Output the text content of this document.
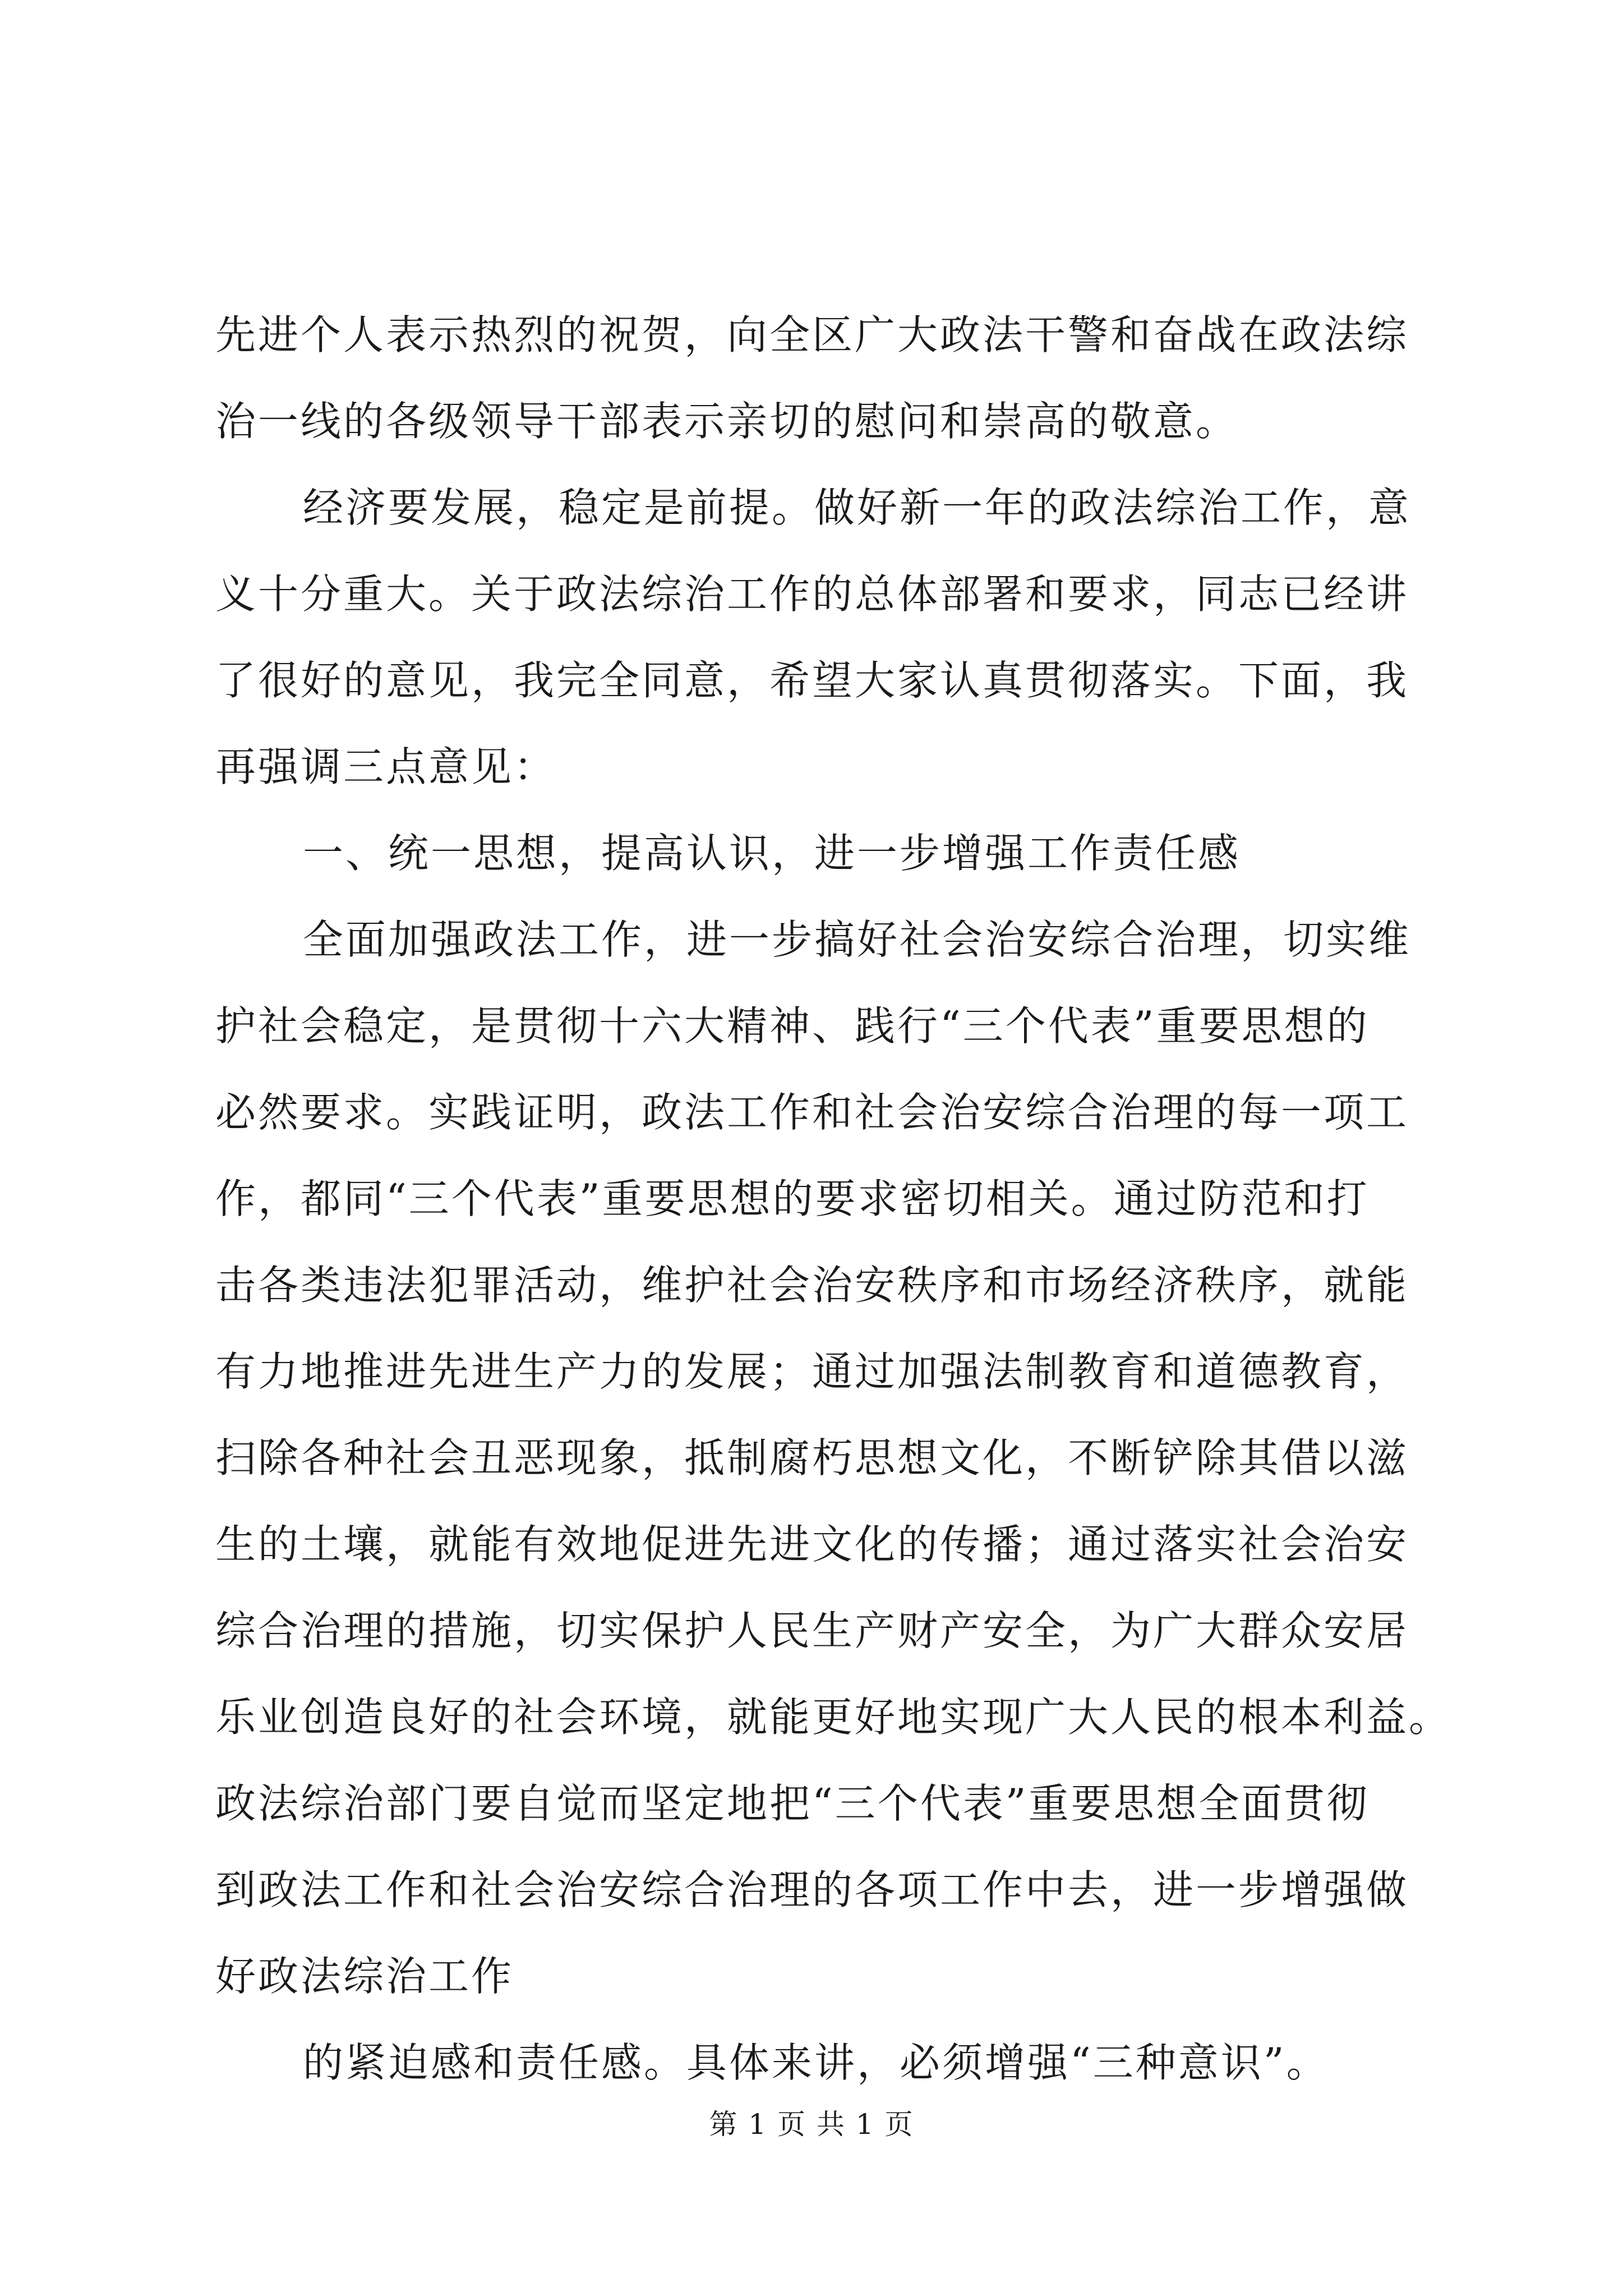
先进个人表示热烈的祝贺，向全区广大政法干警和奋战在政法综
治一线的各级领导干部表示亲切的慰问和崇高的敬意。
经济要发展，稳定是前提。做好新一年的政法综治工作，意
义十分重大。关于政法综治工作的总体部署和要求，同志已经讲
了很好的意见，我完全同意，希望大家认真贯彻落实。下面，我
再强调三点意见：
一、统一思想，提高认识，进一步增强工作责任感
全面加强政法工作，进一步搞好社会治安综合治理，切实维
护社会稳定，是贯彻十六大精神、践行“三个代表”重要思想的
必然要求。实践证明，政法工作和社会治安综合治理的每一项工
作，都同“三个代表”重要思想的要求密切相关。通过防范和打
击各类违法犯罪活动，维护社会治安秩序和市场经济秩序，就能
有力地推进先进生产力的发展；通过加强法制教育和道德教育，
扫除各种社会丑恶现象，抵制腐朽思想文化，不断铲除其借以滋
生的土壤，就能有效地促进先进文化的传播；通过落实社会治安
综合治理的措施，切实保护人民生产财产安全，为广大群众安居
乐业创造良好的社会环境，就能更好地实现广大人民的根本利益。
政法综治部门要自觉而坚定地把“三个代表”重要思想全面贯彻
到政法工作和社会治安综合治理的各项工作中去，进一步增强做
好政法综治工作
的紧迫感和责任感。具体来讲，必须增强“三种意识”。
第 1 页 共 1 页
